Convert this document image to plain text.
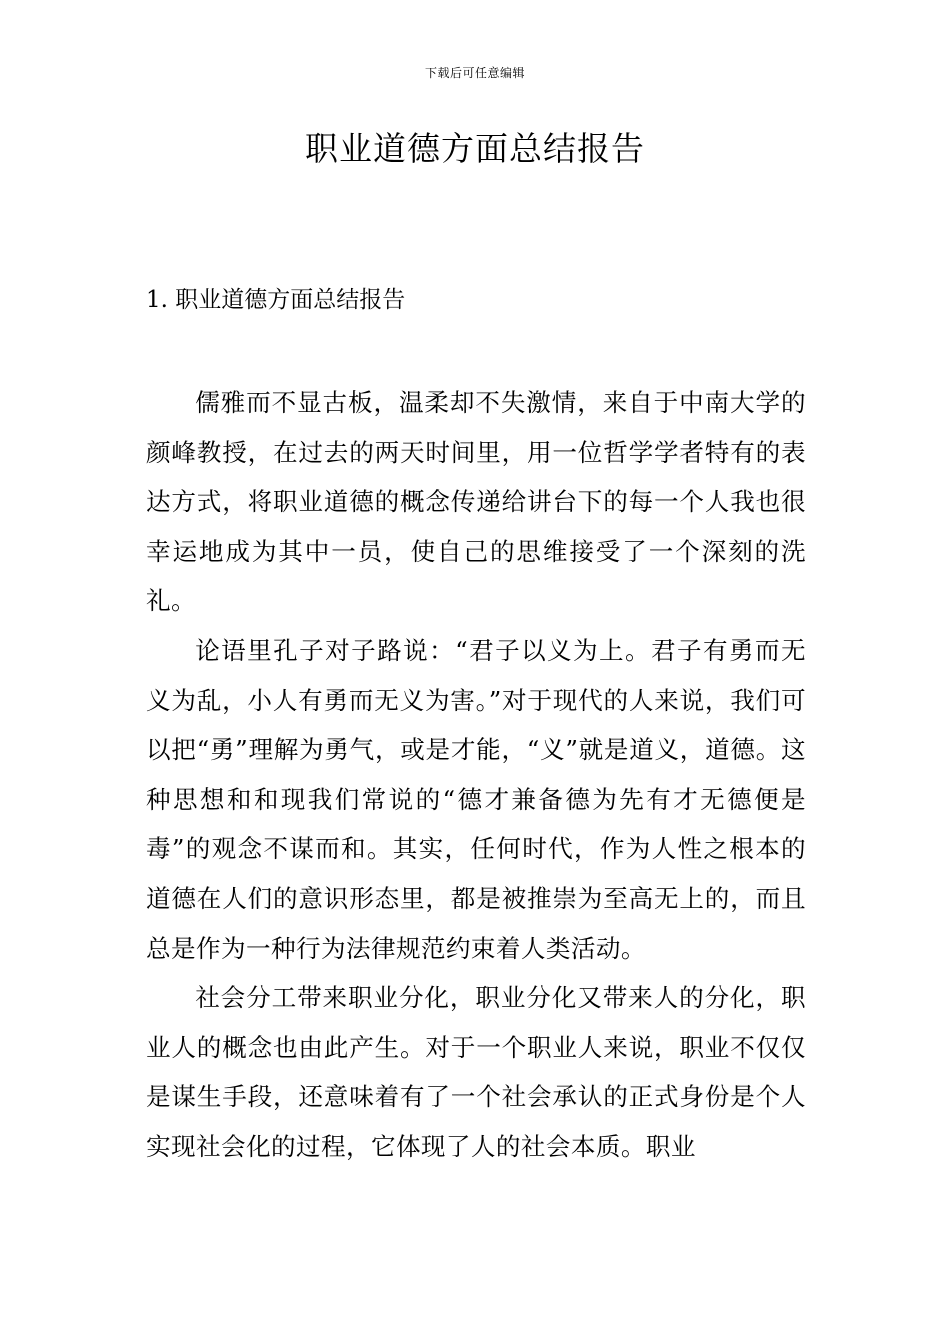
下载后可任意编辑
职业道德方面总结报告
1. 职业道德方面总结报告

儒雅而不显古板，温柔却不失激情，来自于中南大学的颜峰教授，在过去的两天时间里，用一位哲学学者特有的表达方式，将职业道德的概念传递给讲台下的每一个人我也很幸运地成为其中一员，使自己的思维接受了一个深刻的洗礼。

论语里孔子对子路说：“君子以义为上。君子有勇而无义为乱，小人有勇而无义为害。”对于现代的人来说，我们可以把“勇”理解为勇气，或是才能，“义”就是道义，道德。这种思想和和现我们常说的“德才兼备德为先有才无德便是毒”的观念不谋而和。其实，任何时代，作为人性之根本的道德在人们的意识形态里，都是被推崇为至高无上的，而且总是作为一种行为法律规范约束着人类活动。

社会分工带来职业分化，职业分化又带来人的分化，职业人的概念也由此产生。对于一个职业人来说，职业不仅仅是谋生手段，还意味着有了一个社会承认的正式身份是个人实现社会化的过程，它体现了人的社会本质。职业
